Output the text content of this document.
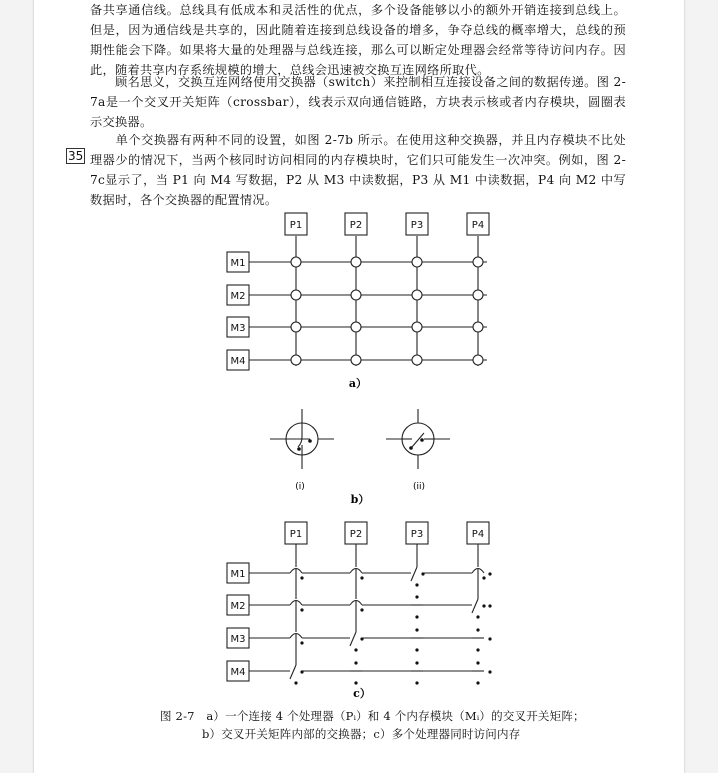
备共享通信线。总线具有低成本和灵活性的优点，多个设备能够以小的额外开销连接到总线上。但是，因为通信线是共享的，因此随着连接到总线设备的增多，争夺总线的概率增大，总线的预期性能会下降。如果将大量的处理器与总线连接，那么可以断定处理器会经常等待访问内存。因此，随着共享内存系统规模的增大，总线会迅速被交换互连网络所取代。

　　顾名思义，交换互连网络使用交换器（switch）来控制相互连接设备之间的数据传递。图 2-7a是一个交叉开关矩阵（crossbar），线表示双向通信链路，方块表示核或者内存模块，圆圈表示交换器。

　　单个交换器有两种不同的设置，如图 2-7b 所示。在使用这种交换器，并且内存模块不比处理器少的情况下，当两个核同时访问相同的内存模块时，它们只可能发生一次冲突。例如，图 2-7c显示了，当 P1 向 M4 写数据，P2 从 M3 中读数据，P3 从 M1 中读数据，P4 向 M2 中写数据时，各个交换器的配置情况。

35
P1	P2	P3	P4
M1
M2
M3
M4
a）
(i)	(ii)
b）
P1	P2	P3	P4
M1
M2
M3
M4
c）
图 2-7　a）一个连接 4 个处理器（Pᵢ）和 4 个内存模块（Mᵢ）的交叉开关矩阵；
b）交叉开关矩阵内部的交换器；c）多个处理器同时访问内存
